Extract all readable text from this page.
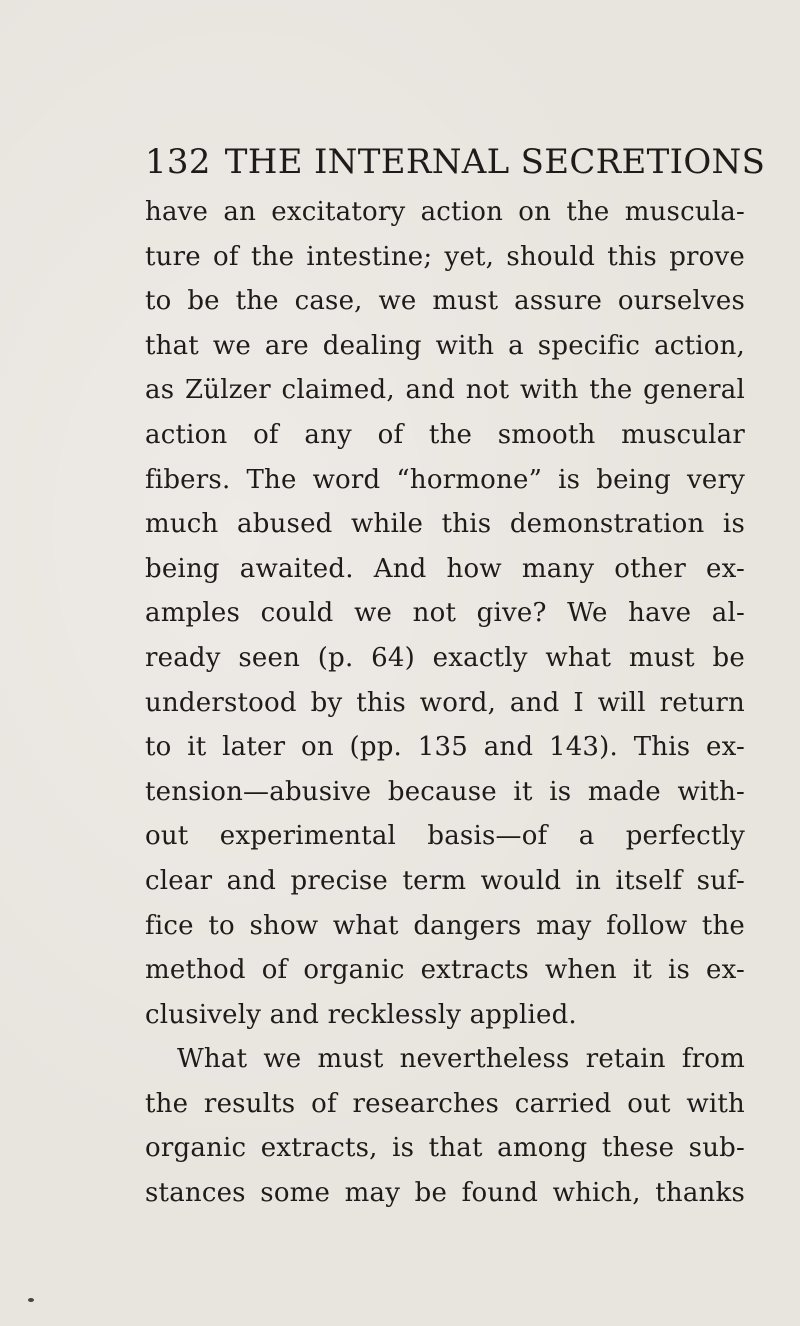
132 THE INTERNAL SECRETIONS
have an excitatory action on the muscula-
ture of the intestine; yet, should this prove
to be the case, we must assure ourselves
that we are dealing with a specific action,
as Zülzer claimed, and not with the general
action of any of the smooth muscular
fibers. The word “hormone” is being very
much abused while this demonstration is
being awaited. And how many other ex-
amples could we not give? We have al-
ready seen (p. 64) exactly what must be
understood by this word, and I will return
to it later on (pp. 135 and 143). This ex-
tension—abusive because it is made with-
out experimental basis—of a perfectly
clear and precise term would in itself suf-
fice to show what dangers may follow the
method of organic extracts when it is ex-
clusively and recklessly applied.
What we must nevertheless retain from
the results of researches carried out with
organic extracts, is that among these sub-
stances some may be found which, thanks
